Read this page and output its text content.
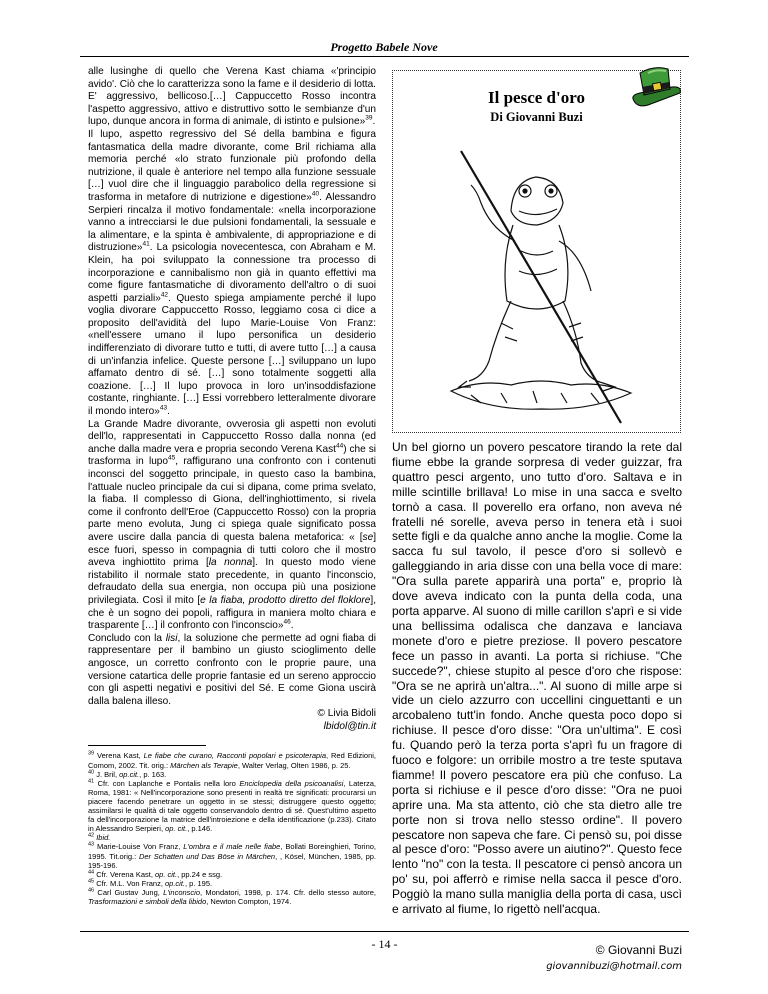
Progetto Babele Nove

alle lusinghe di quello che Verena Kast chiama «'principio avido'. Ciò che lo caratterizza sono la fame e il desiderio di lotta. E' aggressivo, bellicoso.[…] Cappuccetto Rosso incontra l'aspetto aggressivo, attivo e distruttivo sotto le sembianze d'un lupo, dunque ancora in forma di animale, di istinto e pulsione»$^{39}$.

Il lupo, aspetto regressivo del Sé della bambina e figura fantasmatica della madre divorante, come Bril richiama alla memoria perché «lo strato funzionale più profondo della nutrizione, il quale è anteriore nel tempo alla funzione sessuale […] vuol dire che il linguaggio parabolico della regressione si trasforma in metafore di nutrizione e digestione»$^{40}$. Alessandro Serpieri rincalza il motivo fondamentale: «nella incorporazione vanno a intrecciarsi le due pulsioni fondamentali, la sessuale e la alimentare, e la spinta è ambivalente, di appropriazione e di distruzione»$^{41}$. La psicologia novecentesca, con Abraham e M. Klein, ha poi sviluppato la connessione tra processo di incorporazione e cannibalismo non già in quanto effettivi ma come figure fantasmatiche di divoramento dell'altro o di suoi aspetti parziali»$^{42}$. Questo spiega ampiamente perché il lupo voglia divorare Cappuccetto Rosso, leggiamo cosa ci dice a proposito dell'avidità del lupo Marie-Louise Von Franz: «nell'essere umano il lupo personifica un desiderio indifferenziato di divorare tutto e tutti, di avere tutto […] a causa di un'infanzia infelice. Queste persone […] sviluppano un lupo affamato dentro di sé. […] sono totalmente soggetti alla coazione. […] Il lupo provoca in loro un'insoddisfazione costante, ringhiante. […] Essi vorrebbero letteralmente divorare il mondo intero»$^{43}$.

La Grande Madre divorante, ovverosia gli aspetti non evoluti dell'lo, rappresentati in Cappuccetto Rosso dalla nonna (ed anche dalla madre vera e propria secondo Verena Kast$^{44}$) che si trasforma in lupo$^{45}$, raffigurano una confronto con i contenuti inconsci del soggetto principale, in questo caso la bambina, l'attuale nucleo principale da cui si dipana, come prima svelato, la fiaba. Il complesso di Giona, dell'inghiottimento, si rivela come il confronto dell'Eroe (Cappuccetto Rosso) con la propria parte meno evoluta, Jung ci spiega quale significato possa avere uscire dalla pancia di questa balena metaforica: « [se] esce fuori, spesso in compagnia di tutti coloro che il mostro aveva inghiottito prima [la nonna]. In questo modo viene ristabilito il normale stato precedente, in quanto l'inconscio, defraudato della sua energia, non occupa più una posizione privilegiata. Così il mito [e la fiaba, prodotto diretto del floklore], che è un sogno dei popoli, raffigura in maniera molto chiara e trasparente […] il confronto con l'inconscio»$^{46}$.

Concludo con la lisi, la soluzione che permette ad ogni fiaba di rappresentare per il bambino un giusto scioglimento delle angosce, un corretto confronto con le proprie paure, una versione catartica delle proprie fantasie ed un sereno approccio con gli aspetti negativi e positivi del Sé. E come Giona uscirà dalla balena illeso.

© Livia Bidoli
lbidol@tin.it

$^{39}$ Verena Kast, Le fiabe che curano, Racconti popolari e psicoterapia, Red Edizioni, Comom, 2002. Tit. orig.: Märchen als Terapie, Walter Verlag, Olten 1986, p. 25.

$^{40}$ J. Bril, op.cit., p. 163.

$^{41}$ Cfr. con Laplanche e Pontalis nella loro Enciclopedia della psicoanalisi, Laterza, Roma, 1981: « Nell'incorporazione sono presenti in realtà tre significati: procurarsi un piacere facendo penetrare un oggetto in se stessi; distruggere questo oggetto; assimilarsi le qualità di tale oggetto conservandolo dentro di sé. Quest'ultimo aspetto fa dell'incorporazione la matrice dell'introiezione e della identificazione (p.233). Citato in Alessandro Serpieri, op. cit., p.146.

$^{42}$ Ibid.

$^{43}$ Marie-Louise Von Franz, L'ombra e il male nelle fiabe, Bollati Boreinghieri, Torino, 1995. Tit.orig.: Der Schatten und Das Böse in Märchen, , Kösel, München, 1985, pp. 195-196.

$^{44}$ Cfr. Verena Kast, op. cit., pp.24 e ssg.

$^{45}$ Cfr. M.L. Von Franz, op.cit., p. 195.

$^{46}$ Carl Gustav Jung, L'inconscio, Mondatori, 1998, p. 174. Cfr. dello stesso autore, Trasformazioni e simboli della libido, Newton Compton, 1974.

Il pesce d'oro
Di Giovanni Buzi

Un bel giorno un povero pescatore tirando la rete dal fiume ebbe la grande sorpresa di veder guizzar, fra quattro pesci argento, uno tutto d'oro. Saltava e in mille scintille brillava! Lo mise in una sacca e svelto tornò a casa. Il poverello era orfano, non aveva né fratelli né sorelle, aveva perso in tenera età i suoi sette figli e da qualche anno anche la moglie. Come la sacca fu sul tavolo, il pesce d'oro si sollevò e galleggiando in aria disse con una bella voce di mare: "Ora sulla parete apparirà una porta" e, proprio là dove aveva indicato con la punta della coda, una porta apparve. Al suono di mille carillon s'aprì e si vide una bellissima odalisca che danzava e lanciava monete d'oro e pietre preziose. Il povero pescatore fece un passo in avanti. La porta si richiuse. "Che succede?", chiese stupito al pesce d'oro che rispose: "Ora se ne aprirà un'altra...". Al suono di mille arpe si vide un cielo azzurro con uccellini cinguettanti e un arcobaleno tutt'in fondo. Anche questa poco dopo si richiuse. Il pesce d'oro disse: "Ora un'ultima". E così fu. Quando però la terza porta s'aprì fu un fragore di fuoco e folgore: un orribile mostro a tre teste sputava fiamme! Il povero pescatore era più che confuso. La porta si richiuse e il pesce d'oro disse: "Ora ne puoi aprire una. Ma sta attento, ciò che sta dietro alle tre porte non si trova nello stesso ordine". Il povero pescatore non sapeva che fare. Ci pensò su, poi disse al pesce d'oro: "Posso avere un aiutino?". Questo fece lento "no" con la testa. Il pescatore ci pensò ancora un po' su, poi afferrò e rimise nella sacca il pesce d'oro. Poggiò la mano sulla maniglia della porta di casa, uscì e arrivato al fiume, lo rigettò nell'acqua.

© Giovanni Buzi
giovannibuzi@hotmail.com
- 14 -
